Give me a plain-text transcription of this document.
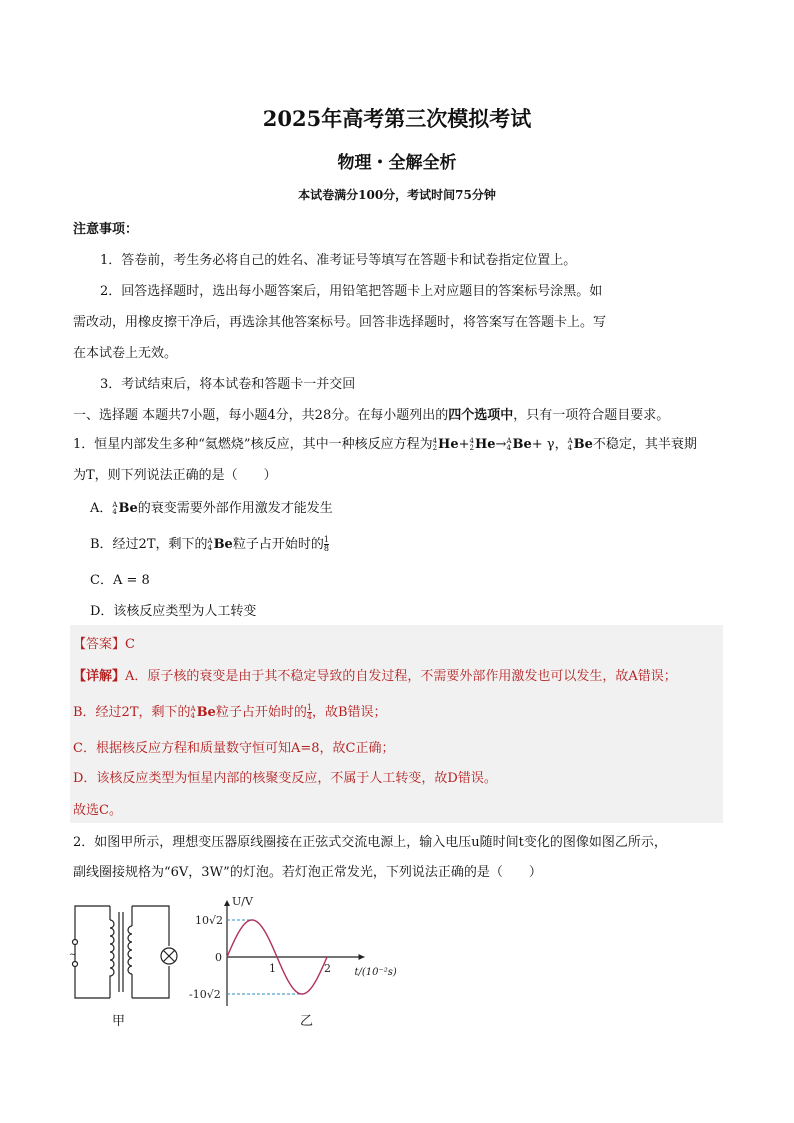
2025年高考第三次模拟考试
物理・全解全析
本试卷满分100分，考试时间75分钟
注意事项：
1．答卷前，考生务必将自己的姓名、准考证号等填写在答题卡和试卷指定位置上。
2．回答选择题时，选出每小题答案后，用铅笔把答题卡上对应题目的答案标号涂黑。如
需改动，用橡皮擦干净后，再选涂其他答案标号。回答非选择题时，将答案写在答题卡上。写
在本试卷上无效。
3．考试结束后，将本试卷和答题卡一并交回
一、选择题 本题共7小题，每小题4分，共28分。在每小题列出的四个选项中，只有一项符合题目要求。
1．恒星内部发生多种“氦燃烧”核反应，其中一种核反应方程为 4
2 He+ 4
2 He→ A
4 Be+ γ， A
4 Be不稳定，其半衰期
为T，则下列说法正确的是（　　）
A． A
4 Be的衰变需要外部作用激发才能发生
B．经过2T，剩下的 A
4 Be粒子占开始时的 $\frac{1}{8}$
C．A = 8
D．该核反应类型为人工转变
【答案】C
【详解】A．原子核的衰变是由于其不稳定导致的自发过程，不需要外部作用激发也可以发生，故A错误；
B．经过2T，剩下的 A
4 Be粒子占开始时的 $\frac{1}{4}$ ，故B错误；
C．根据核反应方程和质量数守恒可知A=8，故C正确；
D．该核反应类型为恒星内部的核聚变反应，不属于人工转变，故D错误。
故选C。
2．如图甲所示，理想变压器原线圈接在正弦式交流电源上，输入电压u随时间t变化的图像如图乙所示，
副线圈接规格为“6V，3W”的灯泡。若灯泡正常发光，下列说法正确的是（　　）
~
甲
U/V
t/(10⁻²s)
10√2
0
-10√2
1	2
乙
